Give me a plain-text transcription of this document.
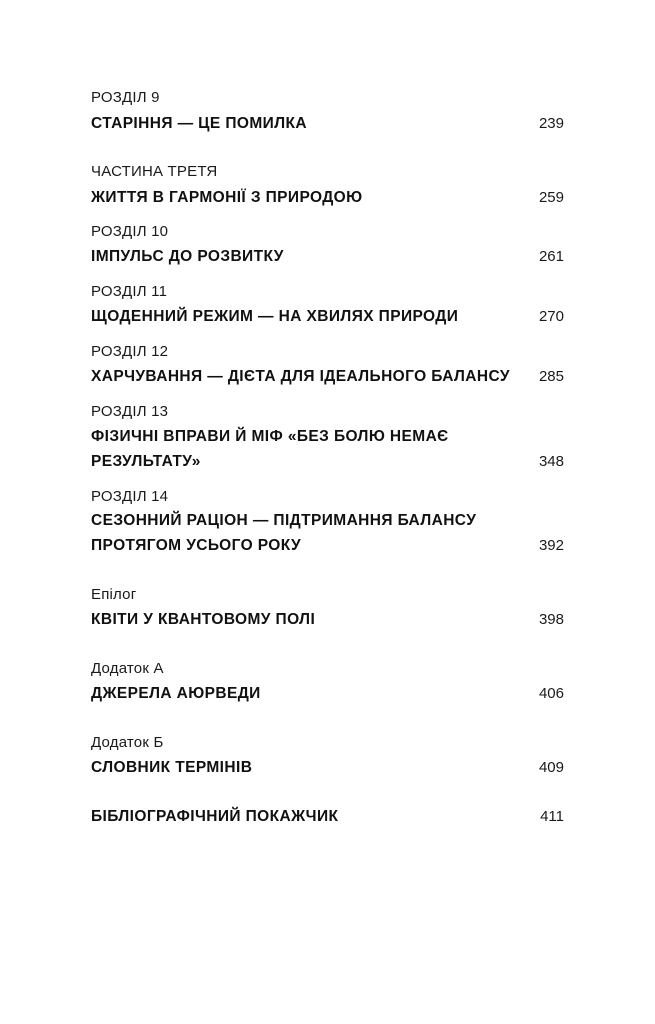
РОЗДІЛ 9
СТАРІННЯ — ЦЕ ПОМИЛКА	239
ЧАСТИНА ТРЕТЯ
ЖИТТЯ В ГАРМОНІЇ З ПРИРОДОЮ	259
РОЗДІЛ 10
ІМПУЛЬС ДО РОЗВИТКУ	261
РОЗДІЛ 11
ЩОДЕННИЙ РЕЖИМ — НА ХВИЛЯХ ПРИРОДИ	270
РОЗДІЛ 12
ХАРЧУВАННЯ — ДІЄТА ДЛЯ ІДЕАЛЬНОГО БАЛАНСУ 285
РОЗДІЛ 13
ФІЗИЧНІ ВПРАВИ Й МІФ «БЕЗ БОЛЮ НЕМАЄ
РЕЗУЛЬТАТУ»	348
РОЗДІЛ 14
СЕЗОННИЙ РАЦІОН — ПІДТРИМАННЯ БАЛАНСУ
ПРОТЯГОМ УСЬОГО РОКУ	392
Епілог
КВІТИ У КВАНТОВОМУ ПОЛІ	398
Додаток А
ДЖЕРЕЛА АЮРВЕДИ	406
Додаток Б
СЛОВНИК ТЕРМІНІВ	409
БІБЛІОГРАФІЧНИЙ ПОКАЖЧИК	411
